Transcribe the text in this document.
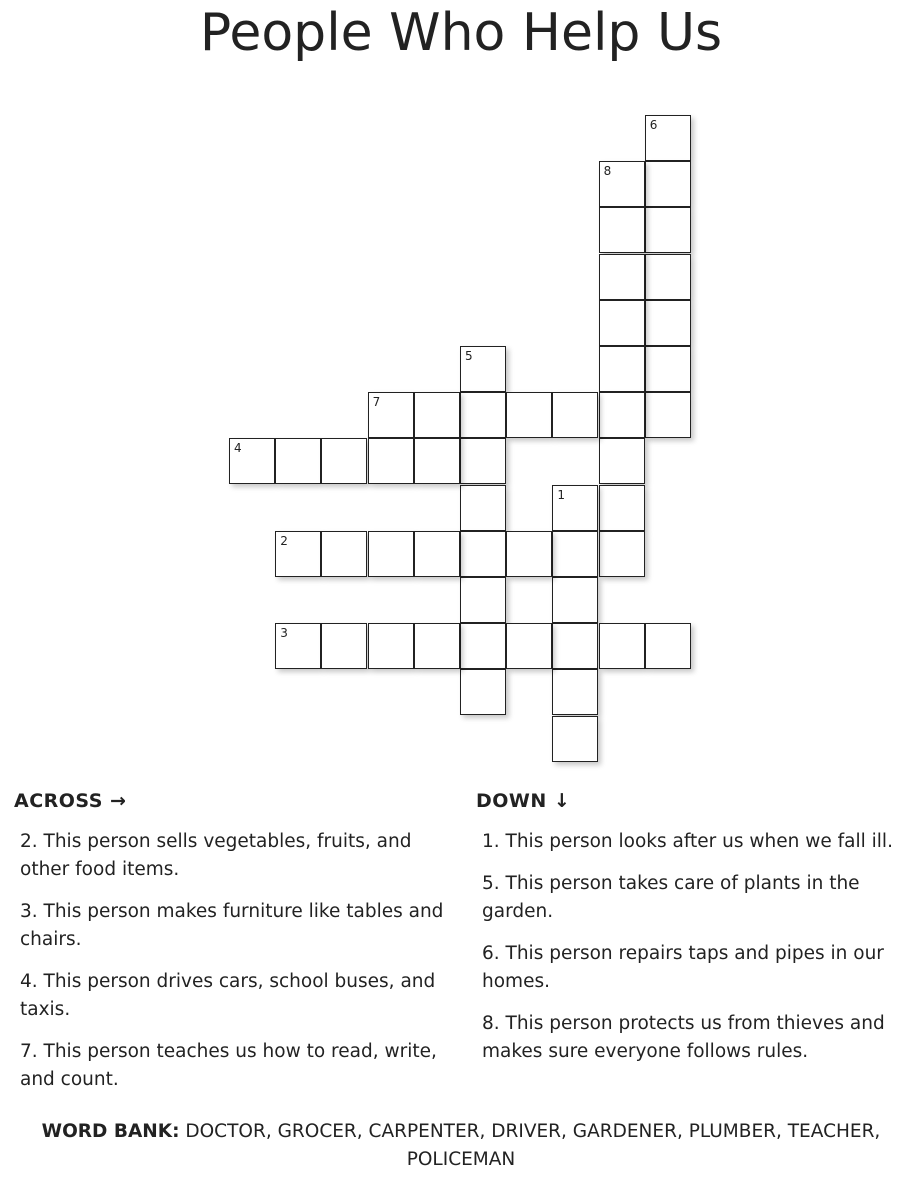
People Who Help Us
6
8
5
7
4
1
2
3
ACROSS →

2. This person sells vegetables, fruits, and other food items.

3. This person makes furniture like tables and chairs.

4. This person drives cars, school buses, and taxis.

7. This person teaches us how to read, write, and count.

DOWN ↓

1. This person looks after us when we fall ill.

5. This person takes care of plants in the garden.

6. This person repairs taps and pipes in our homes.

8. This person protects us from thieves and makes sure everyone follows rules.

WORD BANK: DOCTOR, GROCER, CARPENTER, DRIVER, GARDENER, PLUMBER, TEACHER, POLICEMAN
